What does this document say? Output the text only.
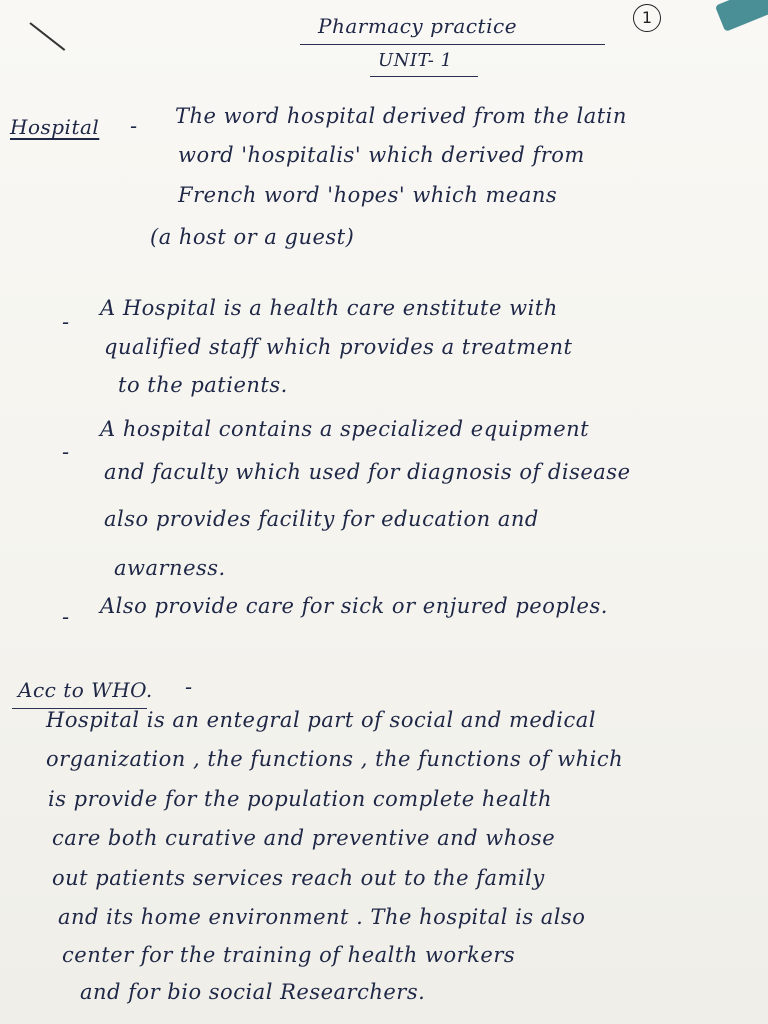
Pharmacy practice
UNIT- 1
1
Hospital - The word hospital derived from the latin
word 'hospitalis' which derived from
French word 'hopes' which means
(a host or a guest)
-
A Hospital is a health care enstitute with
qualified staff which provides a treatment
to the patients.
-
A hospital contains a specialized equipment
and faculty which used for diagnosis of disease
also provides facility for education and
awarness.
- Also provide care for sick or enjured peoples.
Acc to WHO. -
Hospital is an entegral part of social and medical
organization , the functions , the functions of which
is provide for the population complete health
care both curative and preventive and whose
out patients services reach out to the family
and its home environment . The hospital is also
center for the training of health workers
and for bio social Researchers.
